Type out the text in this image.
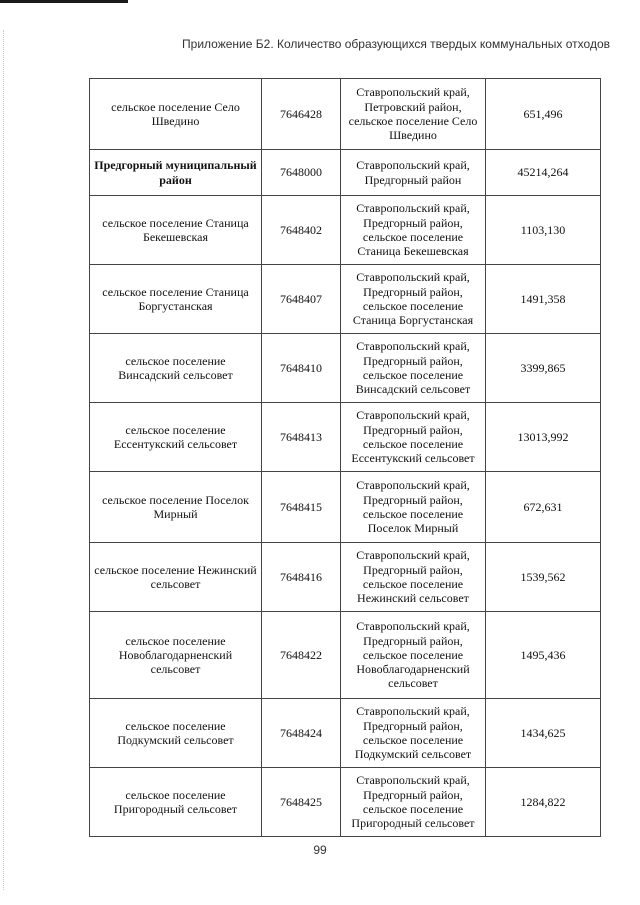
Приложение Б2. Количество образующихся твердых коммунальных отходов
сельское поселение Село Шведино	7646428	Ставропольский край, Петровский район, сельское поселение Село Шведино	651,496
Предгорный муниципальный район	7648000	Ставропольский край, Предгорный район	45214,264
сельское поселение Станица Бекешевская	7648402	Ставропольский край, Предгорный район, сельское поселение Станица Бекешевская	1103,130
сельское поселение Станица Боргустанская	7648407	Ставропольский край, Предгорный район, сельское поселение Станица Боргустанская	1491,358
сельское поселение Винсадский сельсовет	7648410	Ставропольский край, Предгорный район, сельское поселение Винсадский сельсовет	3399,865
сельское поселение Ессентукский сельсовет	7648413	Ставропольский край, Предгорный район, сельское поселение Ессентукский сельсовет	13013,992
сельское поселение Поселок Мирный	7648415	Ставропольский край, Предгорный район, сельское поселение Поселок Мирный	672,631
сельское поселение Нежинский сельсовет	7648416	Ставропольский край, Предгорный район, сельское поселение Нежинский сельсовет	1539,562
сельское поселение Новоблагодарненский сельсовет	7648422	Ставропольский край, Предгорный район, сельское поселение Новоблагодарненский сельсовет	1495,436
сельское поселение Подкумский сельсовет	7648424	Ставропольский край, Предгорный район, сельское поселение Подкумский сельсовет	1434,625
сельское поселение Пригородный сельсовет	7648425	Ставропольский край, Предгорный район, сельское поселение Пригородный сельсовет	1284,822
99
